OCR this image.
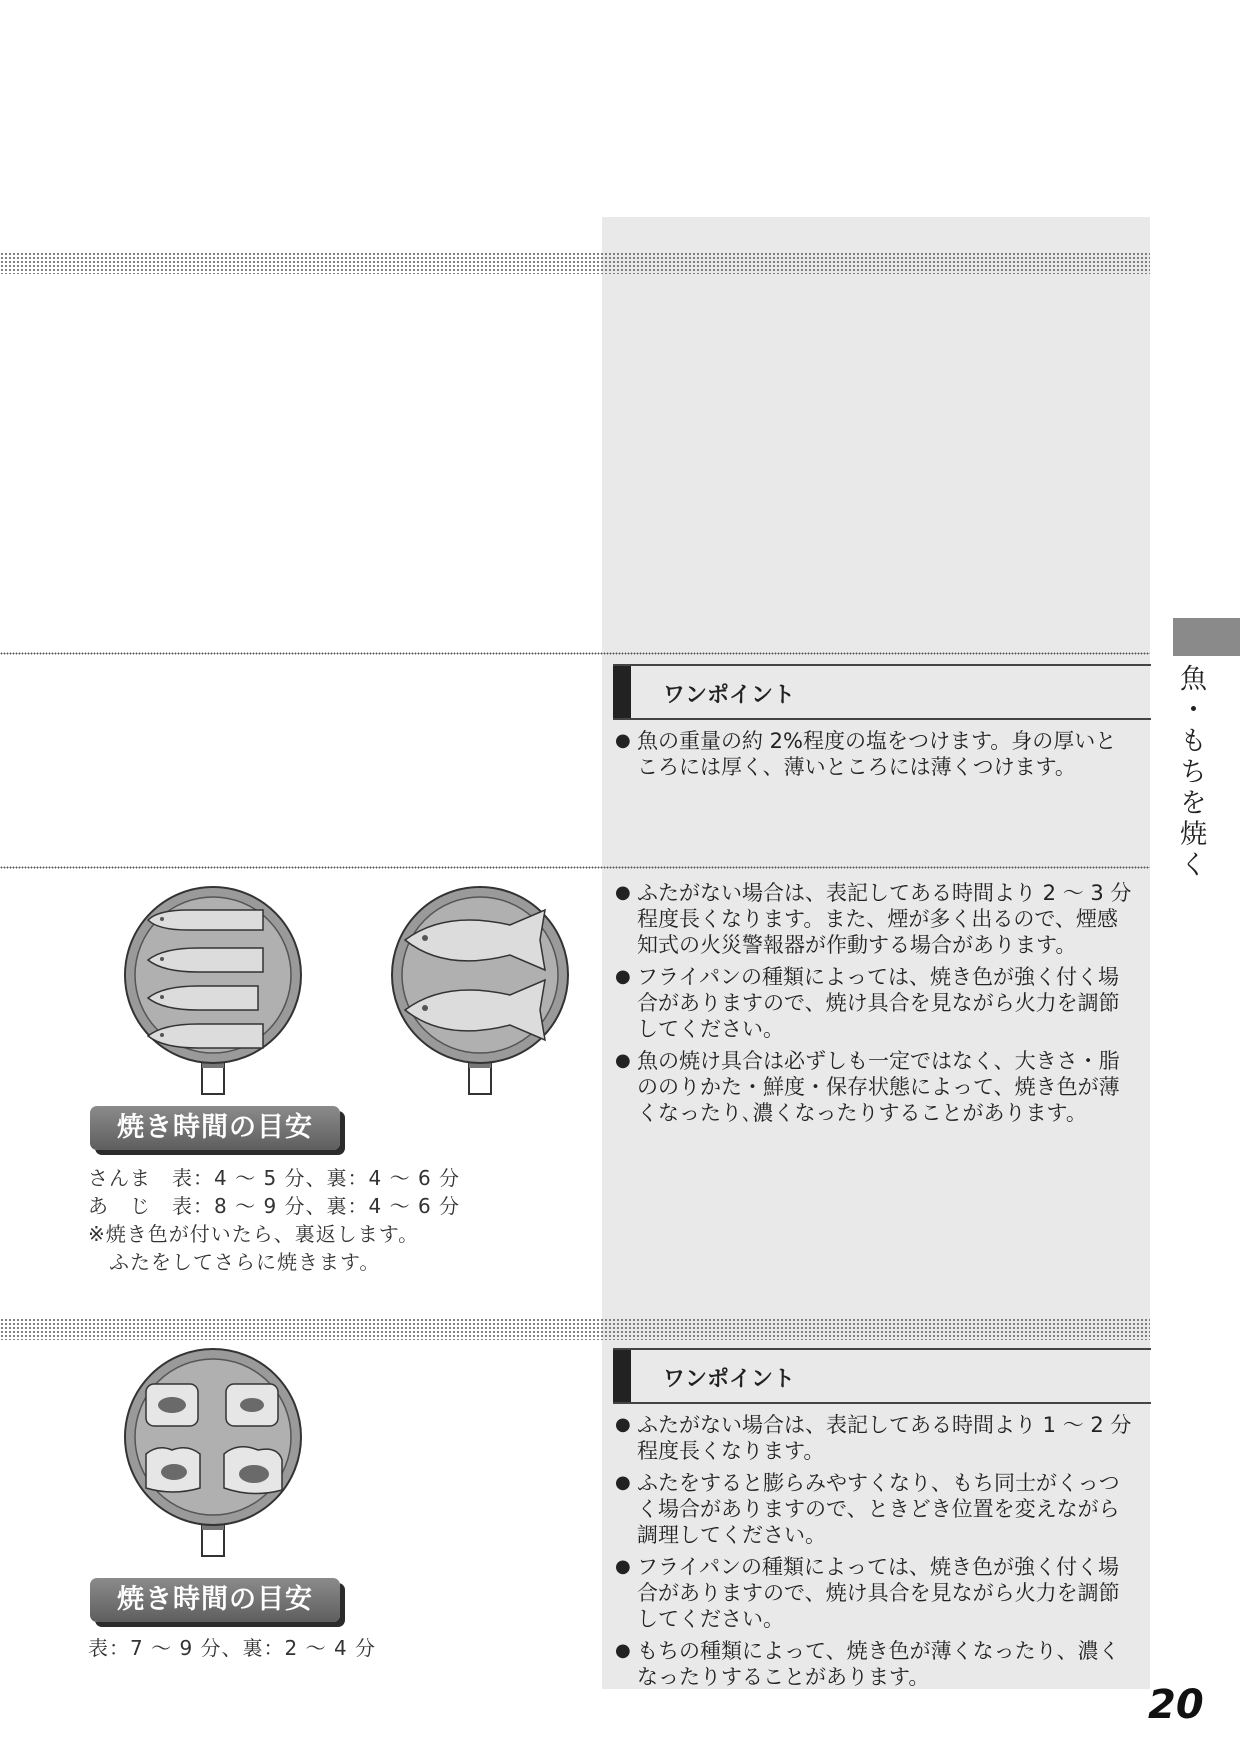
魚・もちを焼く
ワンポイント
● 魚の重量の約 2%程度の塩をつけます。身の厚いところには厚く、薄いところには薄くつけます。
● ふたがない場合は、表記してある時間より 2 〜 3 分程度長くなります。また、煙が多く出るので、煙感知式の火災警報器が作動する場合があります。
● フライパンの種類によっては、焼き色が強く付く場合がありますので、焼け具合を見ながら火力を調節してください。
● 魚の焼け具合は必ずしも一定ではなく、大きさ・脂ののりかた・鮮度・保存状態によって、焼き色が薄くなったり､濃くなったりすることがあります。
焼き時間の目安
さんま　表：4 〜 5 分、裏：4 〜 6 分
あ　じ　表：8 〜 9 分、裏：4 〜 6 分
※焼き色が付いたら、裏返します。
　ふたをしてさらに焼きます。
ワンポイント
● ふたがない場合は、表記してある時間より 1 〜 2 分程度長くなります。
● ふたをすると膨らみやすくなり、もち同士がくっつく場合がありますので、ときどき位置を変えながら調理してください。
● フライパンの種類によっては、焼き色が強く付く場合がありますので、焼け具合を見ながら火力を調節してください。
● もちの種類によって、焼き色が薄くなったり、濃くなったりすることがあります。
焼き時間の目安
表：7 〜 9 分、裏：2 〜 4 分
20
